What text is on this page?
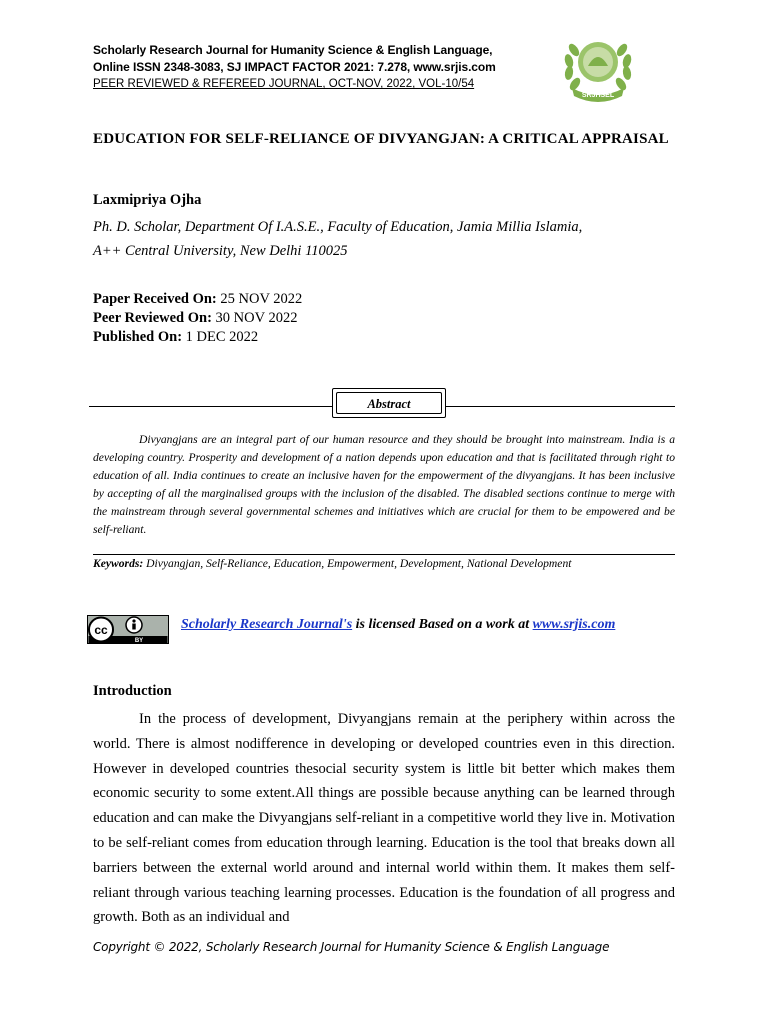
Scholarly Research Journal for Humanity Science & English Language,
Online ISSN 2348-3083, SJ IMPACT FACTOR 2021: 7.278, www.srjis.com
PEER REVIEWED & REFEREED JOURNAL, OCT-NOV, 2022, VOL-10/54
SRJHSEL
EDUCATION FOR SELF-RELIANCE OF DIVYANGJAN: A CRITICAL APPRAISAL
Laxmipriya Ojha
Ph. D. Scholar, Department Of I.A.S.E., Faculty of Education, Jamia Millia Islamia,
A++ Central University, New Delhi 110025
Paper Received On: 25 NOV 2022
Peer Reviewed On: 30 NOV 2022
Published On: 1 DEC 2022
Abstract
Divyangjans are an integral part of our human resource and they should be brought into mainstream. India is a developing country. Prosperity and development of a nation depends upon education and that is facilitated through right to education of all. India continues to create an inclusive haven for the empowerment of the divyangjans. It has been inclusive by accepting of all the marginalised groups with the inclusion of the disabled. The disabled sections continue to merge with the mainstream through several governmental schemes and initiatives which are crucial for them to be empowered and be self-reliant.
Keywords: Divyangjan, Self-Reliance, Education, Empowerment, Development, National Development
cc
BY
Scholarly Research Journal's is licensed Based on a work at www.srjis.com
Introduction
In the process of development, Divyangjans remain at the periphery within across the world. There is almost nodifference in developing or developed countries even in this direction. However in developed countries thesocial security system is little bit better which makes them economic security to some extent.All things are possible because anything can be learned through education and can make the Divyangjans self-reliant in a competitive world they live in. Motivation to be self-reliant comes from education through learning. Education is the tool that breaks down all barriers between the external world around and internal world within them. It makes them self-reliant through various teaching learning processes. Education is the foundation of all progress and growth. Both as an individual and
Copyright © 2022, Scholarly Research Journal for Humanity Science & English Language
